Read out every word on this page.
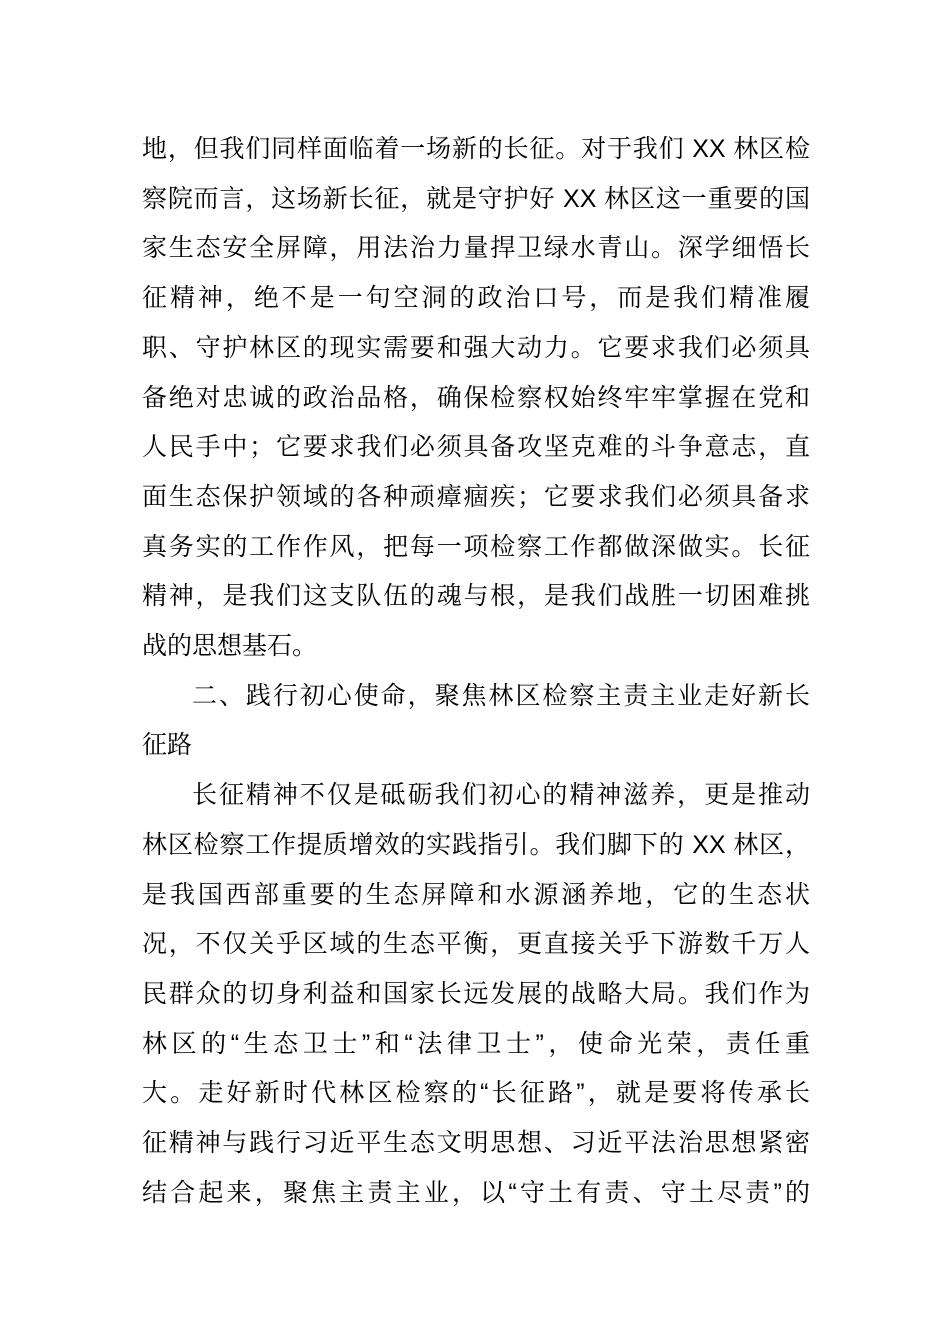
地，但我们同样面临着一场新的长征。对于我们 XX 林区检
察院而言，这场新长征，就是守护好 XX 林区这一重要的国
家生态安全屏障，用法治力量捍卫绿水青山。深学细悟长
征精神，绝不是一句空洞的政治口号，而是我们精准履
职、守护林区的现实需要和强大动力。它要求我们必须具
备绝对忠诚的政治品格，确保检察权始终牢牢掌握在党和
人民手中；它要求我们必须具备攻坚克难的斗争意志，直
面生态保护领域的各种顽瘴痼疾；它要求我们必须具备求
真务实的工作作风，把每一项检察工作都做深做实。长征
精神，是我们这支队伍的魂与根，是我们战胜一切困难挑
战的思想基石。
二、践行初心使命，聚焦林区检察主责主业走好新长
征路
长征精神不仅是砥砺我们初心的精神滋养，更是推动
林区检察工作提质增效的实践指引。我们脚下的 XX 林区，
是我国西部重要的生态屏障和水源涵养地，它的生态状
况，不仅关乎区域的生态平衡，更直接关乎下游数千万人
民群众的切身利益和国家长远发展的战略大局。我们作为
林区的“生态卫士”和“法律卫士”，使命光荣，责任重
大。走好新时代林区检察的“长征路”，就是要将传承长
征精神与践行习近平生态文明思想、习近平法治思想紧密
结合起来，聚焦主责主业，以“守土有责、守土尽责”的
